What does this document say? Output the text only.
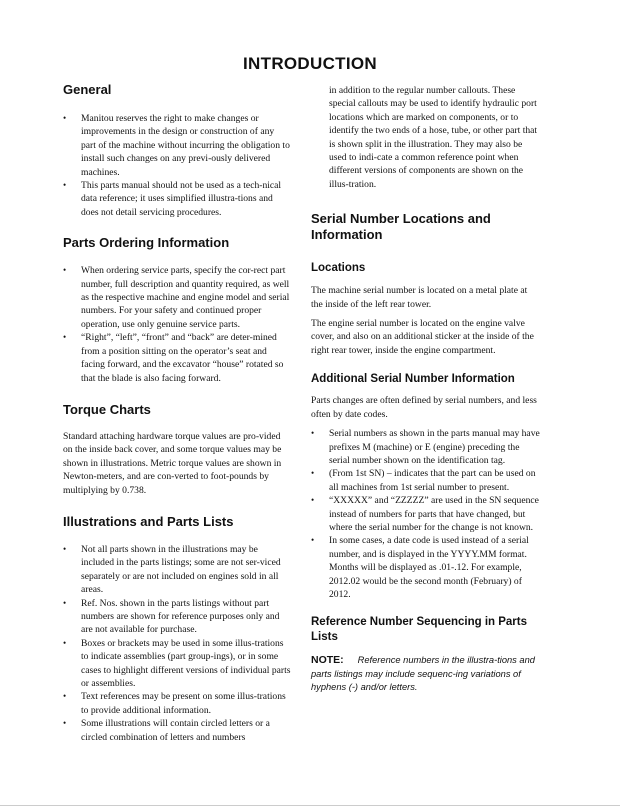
INTRODUCTION
General
• Manitou reserves the right to make changes or improvements in the design or construction of any part of the machine without incurring the obligation to install such changes on any previ-ously delivered machines.
• This parts manual should not be used as a tech-nical data reference; it uses simplified illustra-tions and does not detail servicing procedures.
Parts Ordering Information
• When ordering service parts, specify the cor-rect part number, full description and quantity required, as well as the respective machine and engine model and serial numbers. For your safety and continued proper operation, use only genuine service parts.
• “Right”, “left”, “front” and “back” are deter-mined from a position sitting on the operator’s seat and facing forward, and the excavator “house” rotated so that the blade is also facing forward.
Torque Charts

Standard attaching hardware torque values are pro-vided on the inside back cover, and some torque values may be shown in illustrations. Metric torque values are shown in Newton-meters, and are con-verted to foot-pounds by multiplying by 0.738.

Illustrations and Parts Lists
• Not all parts shown in the illustrations may be included in the parts listings; some are not ser-viced separately or are not included on engines sold in all areas.
• Ref. Nos. shown in the parts listings without part numbers are shown for reference purposes only and are not available for purchase.
• Boxes or brackets may be used in some illus-trations to indicate assemblies (part group-ings), or in some cases to highlight different versions of individual parts or assemblies.
• Text references may be present on some illus-trations to provide additional information.
• Some illustrations will contain circled letters or a circled combination of letters and numbers

in addition to the regular number callouts. These special callouts may be used to identify hydraulic port locations which are marked on components, or to identify the two ends of a hose, tube, or other part that is shown split in the illustration. They may also be used to indi-cate a common reference point when different versions of components are shown on the illus-tration.

Serial Number Locations and Information
Locations

The machine serial number is located on a metal plate at the inside of the left rear tower.

The engine serial number is located on the engine valve cover, and also on an additional sticker at the inside of the right rear tower, inside the engine compartment.

Additional Serial Number Information

Parts changes are often defined by serial numbers, and less often by date codes.

• Serial numbers as shown in the parts manual may have prefixes M (machine) or E (engine) preceding the serial number shown on the identification tag.
• (From 1st SN) – indicates that the part can be used on all machines from 1st serial number to present.
• “XXXXX” and “ZZZZZ” are used in the SN sequence instead of numbers for parts that have changed, but where the serial number for the change is not known.
• In some cases, a date code is used instead of a serial number, and is displayed in the YYYY.MM format. Months will be displayed as .01-.12. For example, 2012.02 would be the second month (February) of 2012.
Reference Number Sequencing in Parts Lists

NOTE: Reference numbers in the illustra-tions and parts listings may include sequenc-ing variations of hyphens (-) and/or letters.
